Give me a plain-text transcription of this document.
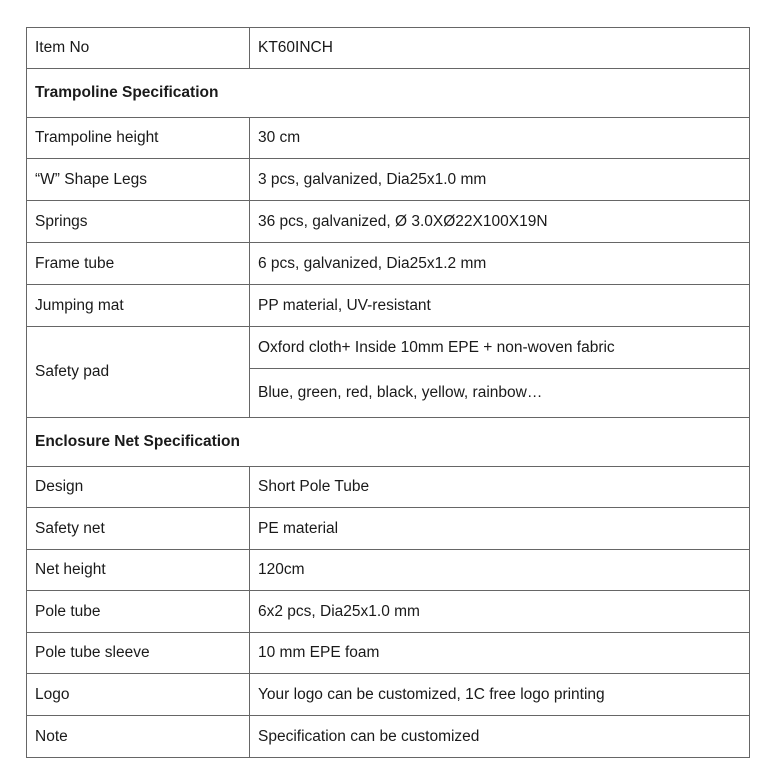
Item No	KT60INCH
Trampoline Specification	
Trampoline height	30 cm
“W” Shape Legs	3 pcs, galvanized, Dia25x1.0 mm
Springs	36 pcs, galvanized, Ø 3.0XØ22X100X19N
Frame tube	6 pcs, galvanized, Dia25x1.2 mm
Jumping mat	PP material, UV-resistant
Safety pad	Oxford cloth+ Inside 10mm EPE + non-woven fabric
	Blue, green, red, black, yellow, rainbow…
Enclosure Net Specification	
Design	Short Pole Tube
Safety net	PE material
Net height	120cm
Pole tube	6x2 pcs, Dia25x1.0 mm
Pole tube sleeve	10 mm EPE foam
Logo	Your logo can be customized, 1C free logo printing
Note	Specification can be customized
